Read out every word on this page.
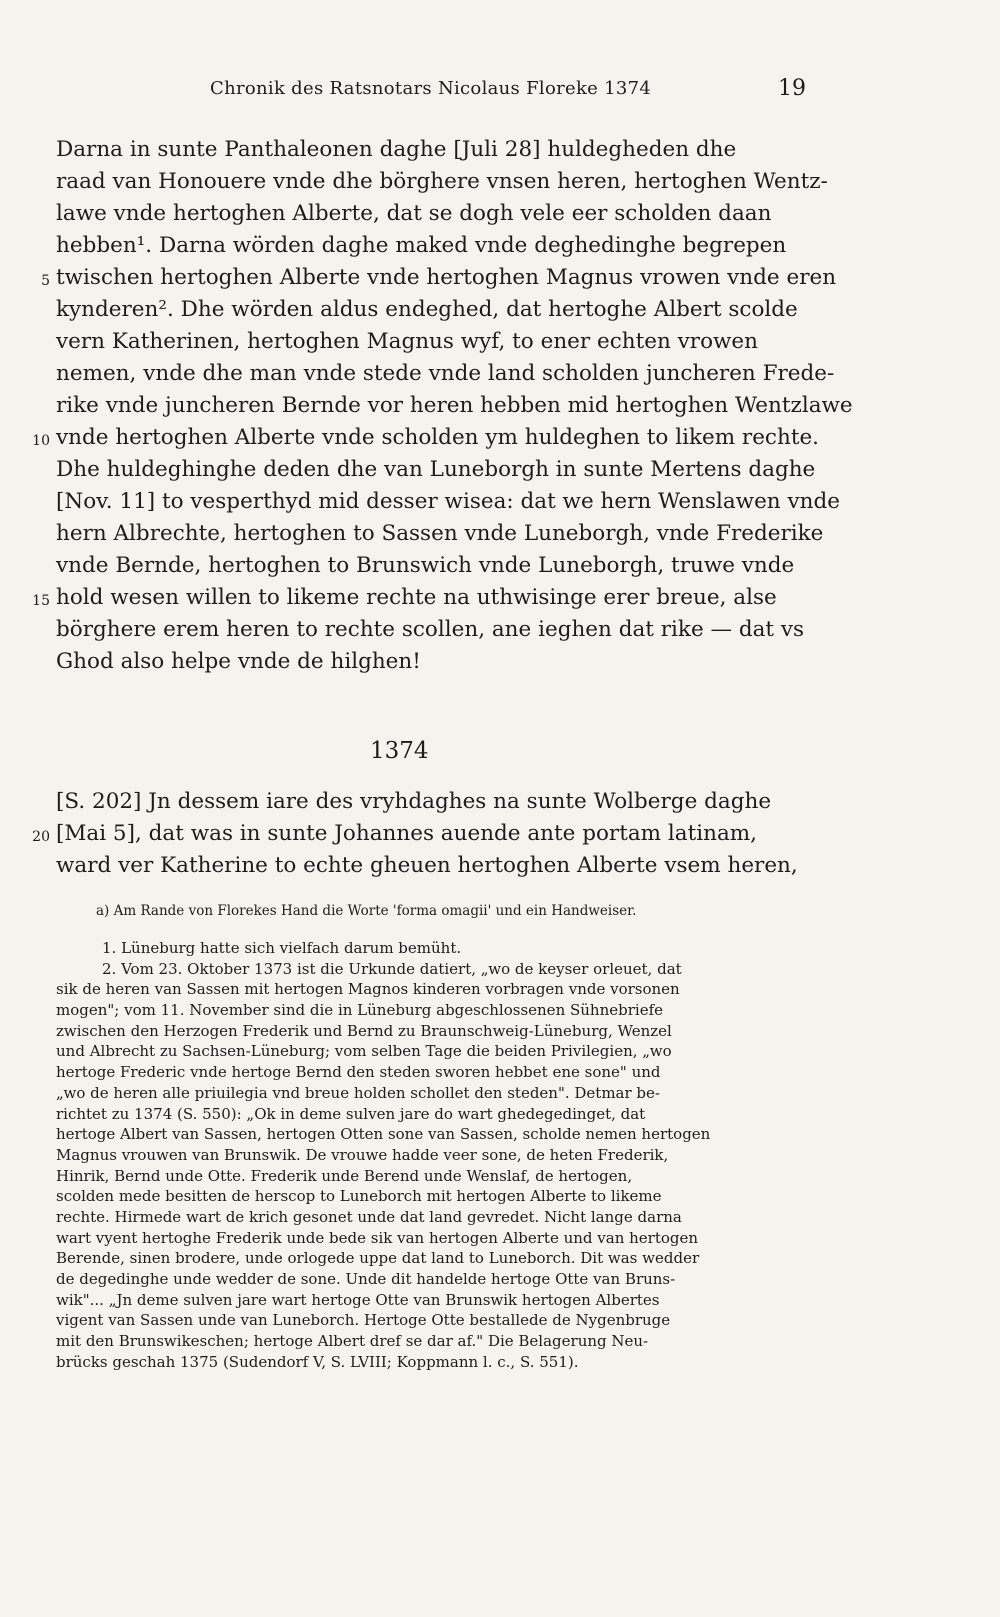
Chronik des Ratsnotars Nicolaus Floreke 1374	19
Darna in sunte Panthaleonen daghe [Juli 28] huldegheden dhe
raad van Honouere vnde dhe börghere vnsen heren, hertoghen Wentz-
lawe vnde hertoghen Alberte, dat se dogh vele eer scholden daan
hebben¹. Darna wörden daghe maked vnde deghedinghe begrepen
5 twischen hertoghen Alberte vnde hertoghen Magnus vrowen vnde eren
kynderen². Dhe wörden aldus endeghed, dat hertoghe Albert scolde
vern Katherinen, hertoghen Magnus wyf, to ener echten vrowen
nemen, vnde dhe man vnde stede vnde land scholden juncheren Frede-
rike vnde juncheren Bernde vor heren hebben mid hertoghen Wentzlawe
10 vnde hertoghen Alberte vnde scholden ym huldeghen to likem rechte.
Dhe huldeghinghe deden dhe van Luneborgh in sunte Mertens daghe
[Nov. 11] to vesperthyd mid desser wisea: dat we hern Wenslawen vnde
hern Albrechte, hertoghen to Sassen vnde Luneborgh, vnde Frederike
vnde Bernde, hertoghen to Brunswich vnde Luneborgh, truwe vnde
15 hold wesen willen to likeme rechte na uthwisinge erer breue, alse
börghere erem heren to rechte scollen, ane ieghen dat rike — dat vs
Ghod also helpe vnde de hilghen!
1374
[S. 202] Jn dessem iare des vryhdaghes na sunte Wolberge daghe
20 [Mai 5], dat was in sunte Johannes auende ante portam latinam,
ward ver Katherine to echte gheuen hertoghen Alberte vsem heren,
a) Am Rande von Florekes Hand die Worte 'forma omagii' und ein Handweiser.
1. Lüneburg hatte sich vielfach darum bemüht.
2. Vom 23. Oktober 1373 ist die Urkunde datiert, „wo de keyser orleuet, dat
sik de heren van Sassen mit hertogen Magnos kinderen vorbragen vnde vorsonen
mogen"; vom 11. November sind die in Lüneburg abgeschlossenen Sühnebriefe
zwischen den Herzogen Frederik und Bernd zu Braunschweig-Lüneburg, Wenzel
und Albrecht zu Sachsen-Lüneburg; vom selben Tage die beiden Privilegien, „wo
hertoge Frederic vnde hertoge Bernd den steden sworen hebbet ene sone" und
„wo de heren alle priuilegia vnd breue holden schollet den steden". Detmar be-
richtet zu 1374 (S. 550): „Ok in deme sulven jare do wart ghedegedinget, dat
hertoge Albert van Sassen, hertogen Otten sone van Sassen, scholde nemen hertogen
Magnus vrouwen van Brunswik. De vrouwe hadde veer sone, de heten Frederik,
Hinrik, Bernd unde Otte. Frederik unde Berend unde Wenslaf, de hertogen,
scolden mede besitten de herscop to Luneborch mit hertogen Alberte to likeme
rechte. Hirmede wart de krich gesonet unde dat land gevredet. Nicht lange darna
wart vyent hertoghe Frederik unde bede sik van hertogen Alberte und van hertogen
Berende, sinen brodere, unde orlogede uppe dat land to Luneborch. Dit was wedder
de degedinghe unde wedder de sone. Unde dit handelde hertoge Otte van Bruns-
wik"... „Jn deme sulven jare wart hertoge Otte van Brunswik hertogen Albertes
vigent van Sassen unde van Luneborch. Hertoge Otte bestallede de Nygenbruge
mit den Brunswikeschen; hertoge Albert dref se dar af." Die Belagerung Neu-
brücks geschah 1375 (Sudendorf V, S. LVIII; Koppmann l. c., S. 551).
